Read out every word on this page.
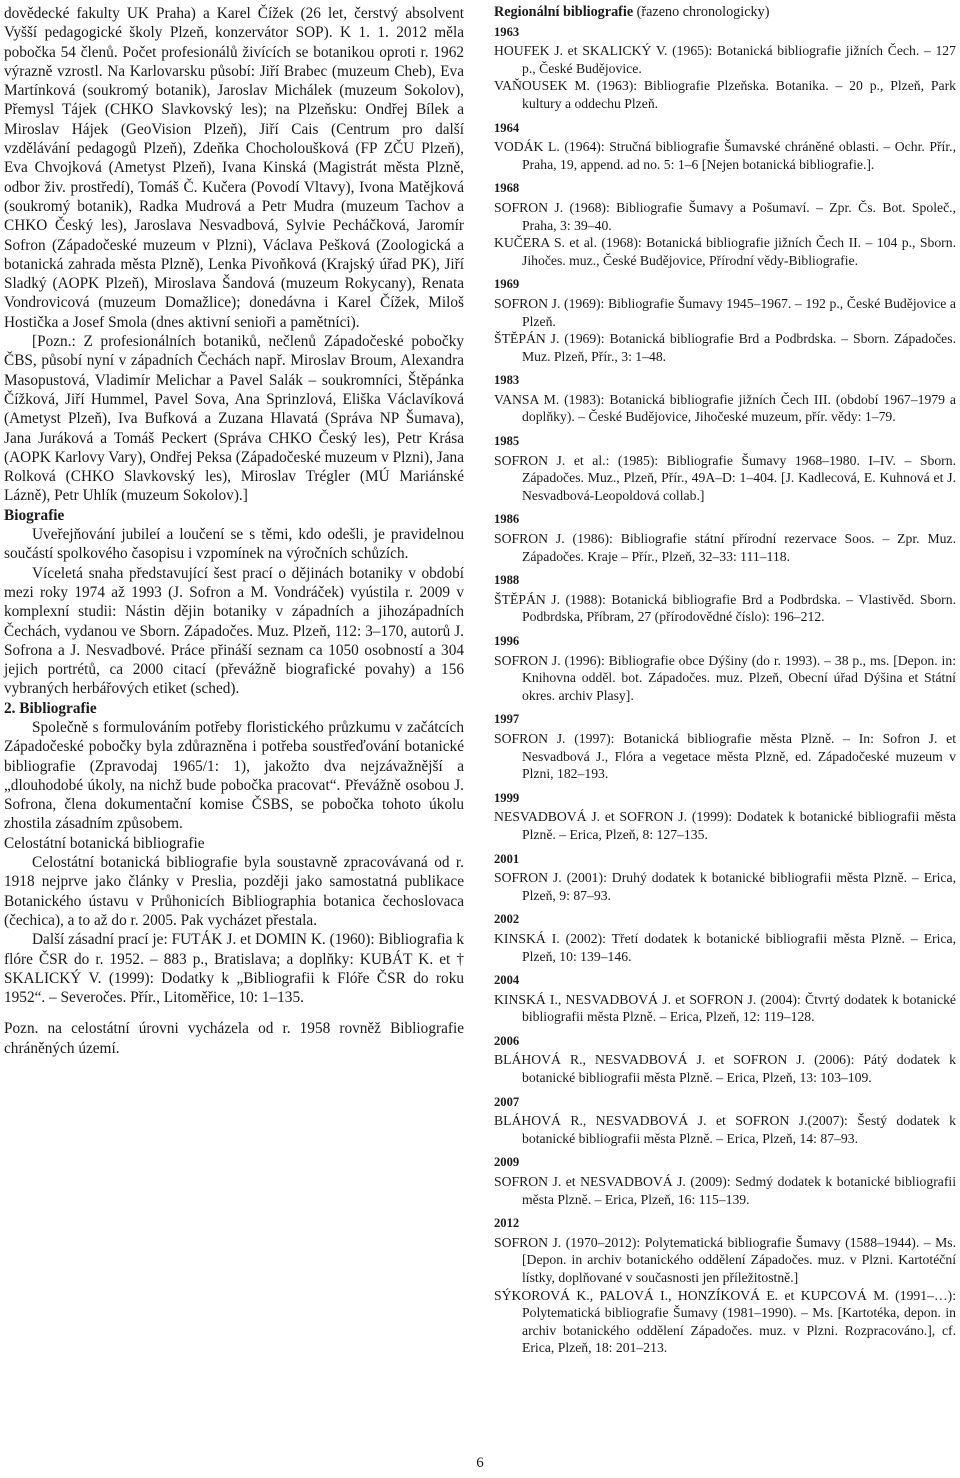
dovědecké fakulty UK Praha) a Karel Čížek (26 let, čerstvý absolvent Vyšší pedagogické školy Plzeň, konzervátor SOP). K 1. 1. 2012 měla pobočka 54 členů. Počet profesionálů živících se botanikou oproti r. 1962 výrazně vzrostl. Na Karlovarsku působí: Jiří Brabec (muzeum Cheb), Eva Martínková (soukromý botanik), Jaroslav Michálek (muzeum Sokolov), Přemysl Tájek (CHKO Slavkovský les); na Plzeňsku: Ondřej Bílek a Miroslav Hájek (GeoVision Plzeň), Jiří Cais (Centrum pro další vzdělávání pedagogů Plzeň), Zdeňka Chocholoušková (FP ZČU Plzeň), Eva Chvojková (Ametyst Plzeň), Ivana Kinská (Magistrát města Plzně, odbor živ. prostředí), Tomáš Č. Kučera (Povodí Vltavy), Ivona Matějková (soukromý botanik), Radka Mudrová a Petr Mudra (muzeum Tachov a CHKO Český les), Jaroslava Nesvadbová, Sylvie Pecháčková, Jaromír Sofron (Západočeské muzeum v Plzni), Václava Pešková (Zoologická a botanická zahrada města Plzně), Lenka Pivoňková (Krajský úřad PK), Jiří Sladký (AOPK Plzeň), Miroslava Šandová (muzeum Rokycany), Renata Vondrovicová (muzeum Domažlice); donedávna i Karel Čížek, Miloš Hostička a Josef Smola (dnes aktivní senioři a pamětníci).

[Pozn.: Z profesionálních botaniků, nečlenů Západočeské pobočky ČBS, působí nyní v západních Čechách např. Miroslav Broum, Alexandra Masopustová, Vladimír Melichar a Pavel Salák – soukromníci, Štěpánka Čížková, Jiří Hummel, Pavel Sova, Ana Sprinzlová, Eliška Václavíková (Ametyst Plzeň), Iva Bufková a Zuzana Hlavatá (Správa NP Šumava), Jana Juráková a Tomáš Peckert (Správa CHKO Český les), Petr Krása (AOPK Karlovy Vary), Ondřej Peksa (Západočeské muzeum v Plzni), Jana Rolková (CHKO Slavkovský les), Miroslav Trégler (MÚ Mariánské Lázně), Petr Uhlík (muzeum Sokolov).]

Biografie

Uveřejňování jubileí a loučení se s těmi, kdo odešli, je pravidelnou součástí spolkového časopisu i vzpomínek na výročních schůzích.

Víceletá snaha představující šest prací o dějinách botaniky v období mezi roky 1974 až 1993 (J. Sofron a M. Vondráček) vyústila r. 2009 v komplexní studii: Nástin dějin botaniky v západních a jihozápadních Čechách, vydanou ve Sborn. Západočes. Muz. Plzeň, 112: 3–170, autorů J. Sofrona a J. Nesvadbové. Práce přináší seznam ca 1050 osobností a 304 jejich portrétů, ca 2000 citací (převážně biografické povahy) a 156 vybraných herbářových etiket (sched).

2. Bibliografie

Společně s formulováním potřeby floristického průzkumu v začátcích Západočeské pobočky byla zdůrazněna i potřeba soustřeďování botanické bibliografie (Zpravodaj 1965/1: 1), jakožto dva nejzávažnější a „dlouhodobé úkoly, na nichž bude pobočka pracovat“. Převážně osobou J. Sofrona, člena dokumentační komise ČSBS, se pobočka tohoto úkolu zhostila zásadním způsobem.

Celostátní botanická bibliografie

Celostátní botanická bibliografie byla soustavně zpracovávaná od r. 1918 nejprve jako články v Preslia, později jako samostatná publikace Botanického ústavu v Průhonicích Bibliographia botanica čechoslovaca (čechica), a to až do r. 2005. Pak vycházet přestala.

Další zásadní prací je: FUTÁK J. et DOMIN K. (1960): Bibliografia k flóre ČSR do r. 1952. – 883 p., Bratislava; a doplňky: KUBÁT K. et † SKALICKÝ V. (1999): Dodatky k „Bibliografii k Flóře ČSR do roku 1952“. – Severočes. Přír., Litoměřice, 10: 1–135.

Pozn. na celostátní úrovni vycházela od r. 1958 rovněž Bibliografie chráněných území.

Regionální bibliografie (řazeno chronologicky)

1963

HOUFEK J. et SKALICKÝ V. (1965): Botanická bibliografie jižních Čech. – 127 p., České Budějovice.

VAŇOUSEK M. (1963): Bibliografie Plzeňska. Botanika. – 20 p., Plzeň, Park kultury a oddechu Plzeň.

1964

VODÁK L. (1964): Stručná bibliografie Šumavské chráněné oblasti. – Ochr. Přír., Praha, 19, append. ad no. 5: 1–6 [Nejen botanická bibliografie.].

1968

SOFRON J. (1968): Bibliografie Šumavy a Pošumaví. – Zpr. Čs. Bot. Společ., Praha, 3: 39–40.

KUČERA S. et al. (1968): Botanická bibliografie jižních Čech II. – 104 p., Sborn. Jihočes. muz., České Budějovice, Přírodní vědy-Bibliografie.

1969

SOFRON J. (1969): Bibliografie Šumavy 1945–1967. – 192 p., České Budějovice a Plzeň.

ŠTĚPÁN J. (1969): Botanická bibliografie Brd a Podbrdska. – Sborn. Západočes. Muz. Plzeň, Přír., 3: 1–48.

1983

VANSA M. (1983): Botanická bibliografie jižních Čech III. (období 1967–1979 a doplňky). – České Budějovice, Jihočeské muzeum, přír. vědy: 1–79.

1985

SOFRON J. et al.: (1985): Bibliografie Šumavy 1968–1980. I–IV. – Sborn. Západočes. Muz., Plzeň, Přír., 49A–D: 1–404. [J. Kadlecová, E. Kuhnová et J. Nesvadbová-Leopoldová collab.]

1986

SOFRON J. (1986): Bibliografie státní přírodní rezervace Soos. – Zpr. Muz. Západočes. Kraje – Přír., Plzeň, 32–33: 111–118.

1988

ŠTĚPÁN J. (1988): Botanická bibliografie Brd a Podbrdska. – Vlastivěd. Sborn. Podbrdska, Příbram, 27 (přírodovědné číslo): 196–212.

1996

SOFRON J. (1996): Bibliografie obce Dýšiny (do r. 1993). – 38 p., ms. [Depon. in: Knihovna odděl. bot. Západočes. muz. Plzeň, Obecní úřad Dýšina et Státní okres. archiv Plasy].

1997

SOFRON J. (1997): Botanická bibliografie města Plzně. – In: Sofron J. et Nesvadbová J., Flóra a vegetace města Plzně, ed. Západočeské muzeum v Plzni, 182–193.

1999

NESVADBOVÁ J. et SOFRON J. (1999): Dodatek k botanické bibliografii města Plzně. – Erica, Plzeň, 8: 127–135.

2001

SOFRON J. (2001): Druhý dodatek k botanické bibliografii města Plzně. – Erica, Plzeň, 9: 87–93.

2002

KINSKÁ I. (2002): Třetí dodatek k botanické bibliografii města Plzně. – Erica, Plzeň, 10: 139–146.

2004

KINSKÁ I., NESVADBOVÁ J. et SOFRON J. (2004): Čtvrtý dodatek k botanické bibliografii města Plzně. – Erica, Plzeň, 12: 119–128.

2006

BLÁHOVÁ R., NESVADBOVÁ J. et SOFRON J. (2006): Pátý dodatek k botanické bibliografii města Plzně. – Erica, Plzeň, 13: 103–109.

2007

BLÁHOVÁ R., NESVADBOVÁ J. et SOFRON J.(2007): Šestý dodatek k botanické bibliografii města Plzně. – Erica, Plzeň, 14: 87–93.

2009

SOFRON J. et NESVADBOVÁ J. (2009): Sedmý dodatek k botanické bibliografii města Plzně. – Erica, Plzeň, 16: 115–139.

2012

SOFRON J. (1970–2012): Polytematická bibliografie Šumavy (1588–1944). – Ms. [Depon. in archiv botanického oddělení Západočes. muz. v Plzni. Kartotéční lístky, doplňované v současnosti jen příležitostně.]

SÝKOROVÁ K., PALOVÁ I., HONZÍKOVÁ E. et KUPCOVÁ M. (1991–…): Polytematická bibliografie Šumavy (1981–1990). – Ms. [Kartotéka, depon. in archiv botanického oddělení Západočes. muz. v Plzni. Rozpracováno.], cf. Erica, Plzeň, 18: 201–213.

6
